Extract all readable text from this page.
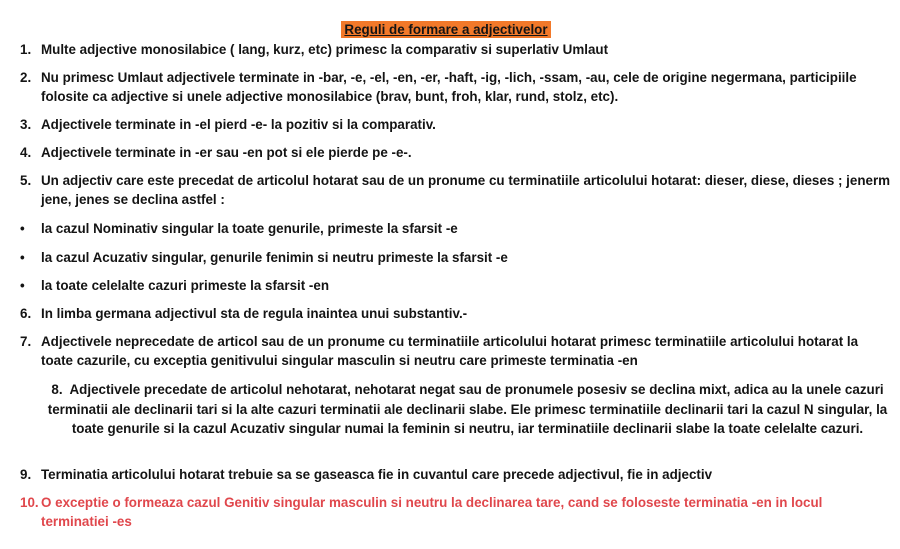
Reguli de formare a adjectivelor
1. Multe adjective monosilabice ( lang, kurz, etc) primesc la comparativ si superlativ Umlaut
2. Nu primesc Umlaut adjectivele terminate in -bar, -e, -el, -en, -er, -haft, -ig, -lich, -ssam, -au, cele de origine negermana, participiile folosite ca adjective si unele adjective monosilabice (brav, bunt, froh, klar, rund, stolz, etc).
3. Adjectivele terminate in -el pierd -e- la pozitiv si la comparativ.
4. Adjectivele terminate in -er sau -en pot si ele pierde pe -e-.
5. Un adjectiv care este precedat de articolul hotarat sau de un pronume cu terminatiile articolului hotarat: dieser, diese, dieses ; jenerm jene, jenes se declina astfel :
• la cazul Nominativ singular la toate genurile, primeste la sfarsit -e
• la cazul Acuzativ singular, genurile fenimin si neutru primeste la sfarsit -e
• la toate celelalte cazuri primeste la sfarsit -en
6. In limba germana adjectivul sta de regula inaintea unui substantiv.-
7. Adjectivele neprecedate de articol sau de un pronume cu terminatiile articolului hotarat primesc terminatiile articolului hotarat la toate cazurile, cu exceptia genitivului singular masculin si neutru care primeste terminatia -en
8. Adjectivele precedate de articolul nehotarat, nehotarat negat sau de pronumele posesiv se declina mixt, adica au la unele cazuri terminatii ale declinarii tari si la alte cazuri terminatii ale declinarii slabe. Ele primesc terminatiile declinarii tari la cazul N singular, la toate genurile si la cazul Acuzativ singular numai la feminin si neutru, iar terminatiile declinarii slabe la toate celelalte cazuri.
9. Terminatia articolului hotarat trebuie sa se gaseasca fie in cuvantul care precede adjectivul, fie in adjectiv
10. O exceptie o formeaza cazul Genitiv singular masculin si neutru la declinarea tare, cand se foloseste terminatia -en in locul terminatiei -es
